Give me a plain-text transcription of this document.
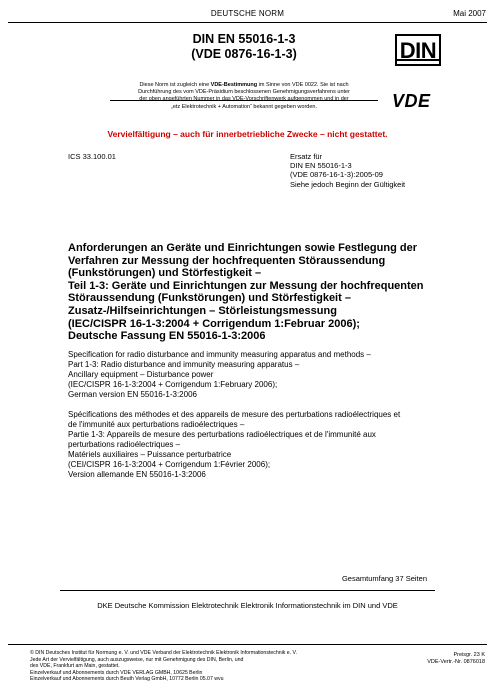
DEUTSCHE NORM	Mai 2007
DIN EN 55016-1-3
(VDE 0876-16-1-3)	DIN
Diese Norm ist zugleich eine VDE-Bestimmung im Sinne von VDE 0022. Sie ist nach
Durchführung des vom VDE-Präsidium beschlossenen Genehmigungsverfahrens unter
der oben angeführten Nummer in das VDE-Vorschriftenwerk aufgenommen und in der
„etz Elektrotechnik + Automation“ bekannt gegeben worden.	VDE
Vervielfältigung – auch für innerbetriebliche Zwecke – nicht gestattet.
ICS 33.100.01	Ersatz für
DIN EN 55016-1-3
(VDE 0876-16-1-3):2005-09
Siehe jedoch Beginn der Gültigkeit
Anforderungen an Geräte und Einrichtungen sowie Festlegung der
Verfahren zur Messung der hochfrequenten Störaussendung
(Funkstörungen) und Störfestigkeit –
Teil 1-3: Geräte und Einrichtungen zur Messung der hochfrequenten
Störaussendung (Funkstörungen) und Störfestigkeit –
Zusatz-/Hilfseinrichtungen – Störleistungsmessung
(IEC/CISPR 16-1-3:2004 + Corrigendum 1:Februar 2006);
Deutsche Fassung EN 55016-1-3:2006
Specification for radio disturbance and immunity measuring apparatus and methods –
Part 1-3: Radio disturbance and immunity measuring apparatus –
Ancillary equipment – Disturbance power
(IEC/CISPR 16-1-3:2004 + Corrigendum 1:February 2006);
German version EN 55016-1-3:2006
Spécifications des méthodes et des appareils de mesure des perturbations radioélectriques et
de l'immunité aux perturbations radioélectriques –
Partie 1-3: Appareils de mesure des perturbations radioélectriques et de l'immunité aux
perturbations radioélectriques –
Matériels auxiliaires – Puissance perturbatrice
(CEI/CISPR 16-1-3:2004 + Corrigendum 1:Février 2006);
Version allemande EN 55016-1-3:2006
Gesamtumfang 37 Seiten
DKE Deutsche Kommission Elektrotechnik Elektronik Informationstechnik im DIN und VDE
© DIN Deutsches Institut für Normung e. V. und VDE Verband der Elektrotechnik Elektronik Informationstechnik e. V.
Jede Art der Vervielfältigung, auch auszugsweise, nur mit Genehmigung des DIN, Berlin, und
des VDE, Frankfurt am Main, gestattet.
Einzelverkauf und Abonnements durch VDE VERLAG GMBH, 10625 Berlin
Einzelverkauf und Abonnements durch Beuth Verlag GmbH, 10772 Berlin 05.07 wvu
Preisgr. 23 K
VDE-Vertr.-Nr. 0876018
